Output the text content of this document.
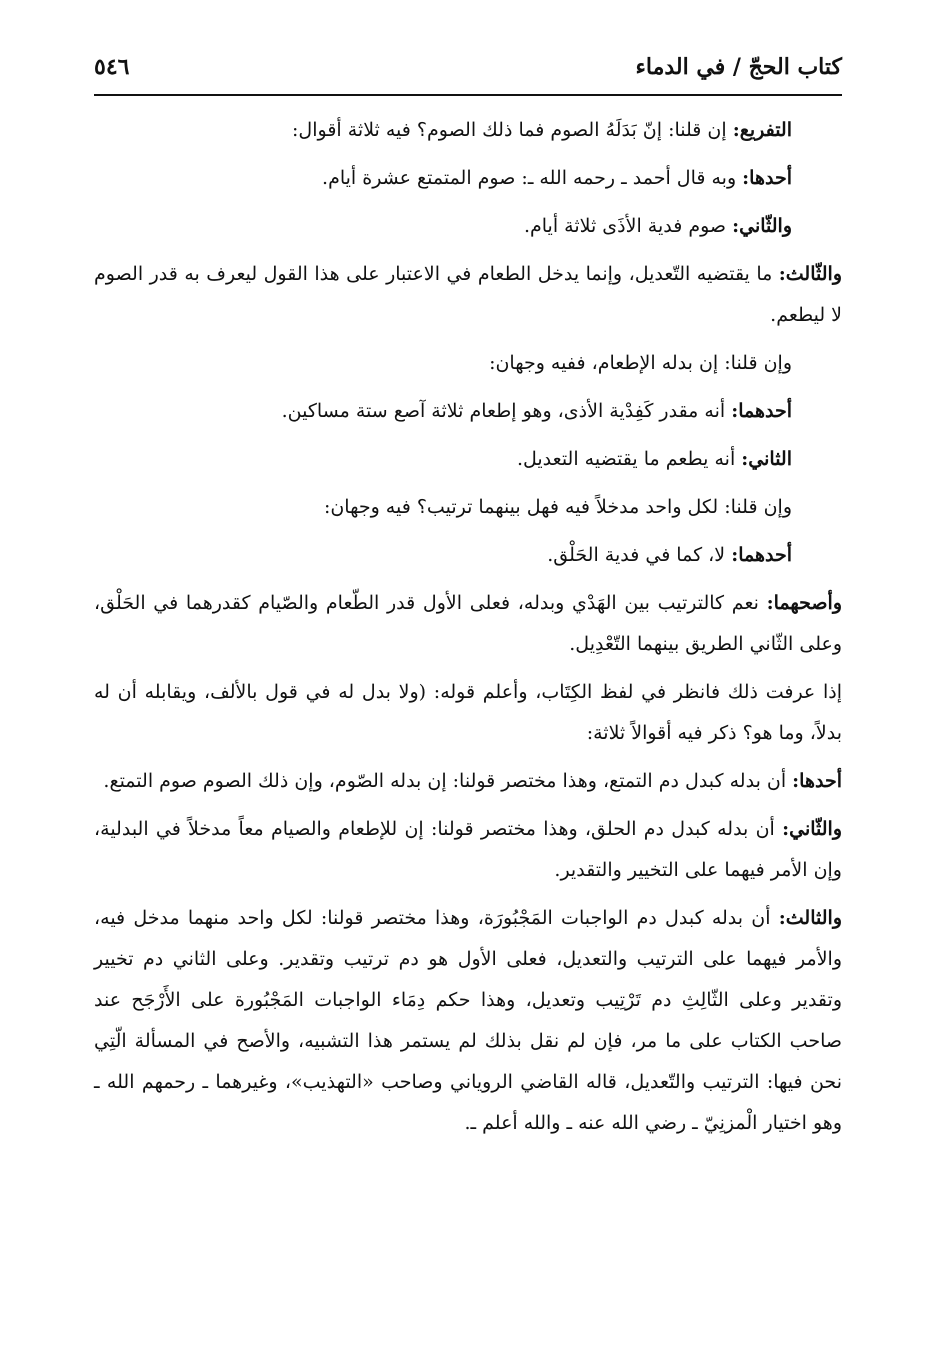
كتاب الحجّ / في الدماء
٥٤٦

التفريع: إن قلنا: إنّ بَدَلَهُ الصوم فما ذلك الصوم؟ فيه ثلاثة أقوال:

أحدها: وبه قال أحمد ـ رحمه الله ـ: صوم المتمتع عشرة أيام.

والثّاني: صوم فدية الأذَى ثلاثة أيام.

والثّالث: ما يقتضيه التّعديل، وإنما يدخل الطعام في الاعتبار على هذا القول ليعرف به قدر الصوم لا ليطعم.

وإن قلنا: إن بدله الإطعام، ففيه وجهان:

أحدهما: أنه مقدر كَفِدْية الأذى، وهو إطعام ثلاثة آصع ستة مساكين.

الثاني: أنه يطعم ما يقتضيه التعديل.

وإن قلنا: لكل واحد مدخلاً فيه فهل بينهما ترتيب؟ فيه وجهان:

أحدهما: لا، كما في فدية الحَلْق.

وأصحهما: نعم كالترتيب بين الهَدْي وبدله، فعلى الأول قدر الطّعام والصّيام كقدرهما في الحَلْق، وعلى الثّاني الطريق بينهما التّعْدِيل.

إذا عرفت ذلك فانظر في لفظ الكِتَاب، وأعلم قوله: (ولا بدل له في قول بالألف، ويقابله أن له بدلاً، وما هو؟ ذكر فيه أقوالاً ثلاثة:

أحدها: أن بدله كبدل دم التمتع، وهذا مختصر قولنا: إن بدله الصّوم، وإن ذلك الصوم صوم التمتع.

والثّاني: أن بدله كبدل دم الحلق، وهذا مختصر قولنا: إن للإطعام والصيام معاً مدخلاً في البدلية، وإن الأمر فيهما على التخيير والتقدير.

والثالث: أن بدله كبدل دم الواجبات المَجْبُورَة، وهذا مختصر قولنا: لكل واحد منهما مدخل فيه، والأمر فيهما على الترتيب والتعديل، فعلى الأول هو دم ترتيب وتقدير. وعلى الثاني دم تخيير وتقدير وعلى الثّالِثِ دم تَرْتِيب وتعديل، وهذا حكم دِمَاء الواجبات المَجْبُورة على الأَرْجَح عند صاحب الكتاب على ما مر، فإن لم نقل بذلك لم يستمر هذا التشبيه، والأصح في المسألة الّتِي نحن فيها: الترتيب والتّعديل، قاله القاضي الروياني وصاحب «التهذيب»، وغيرهما ـ رحمهم الله ـ وهو اختيار الْمزنِيّ ـ رضي الله عنه ـ والله أعلم ـ.
